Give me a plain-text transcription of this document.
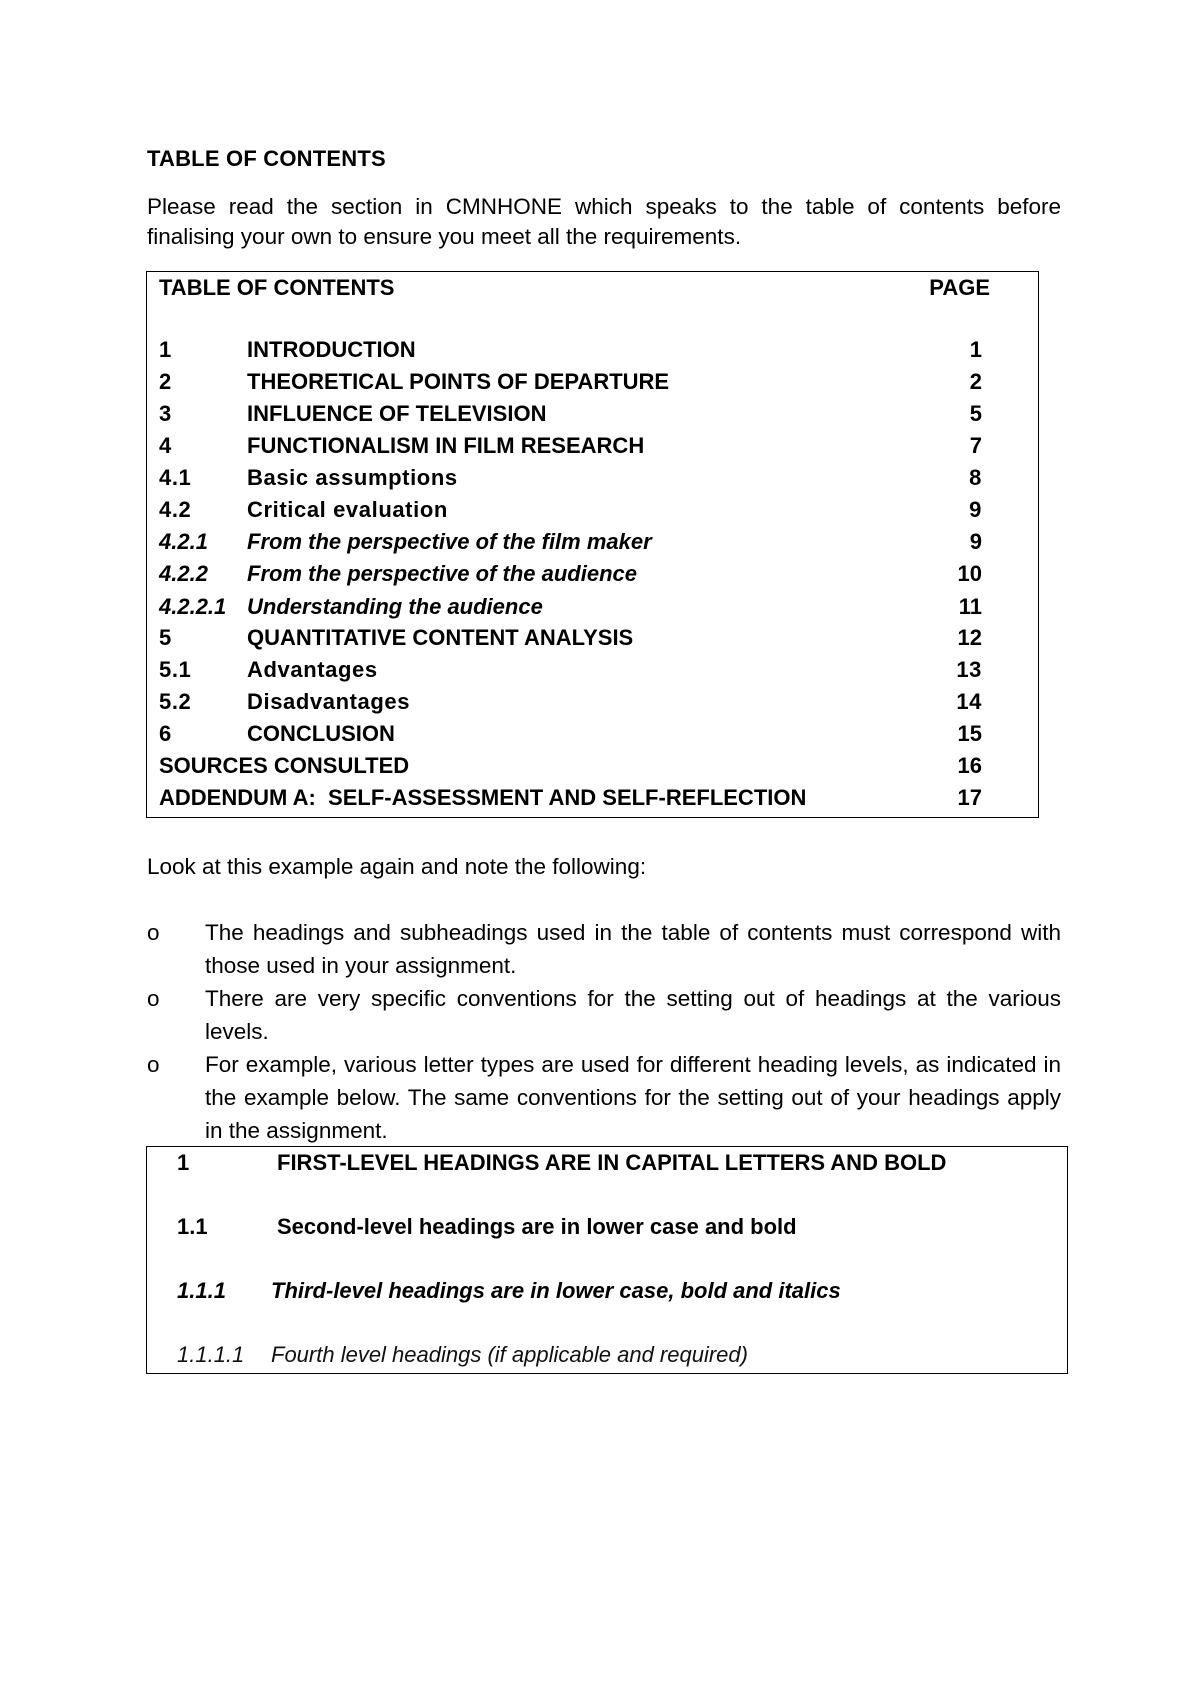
TABLE OF CONTENTS
Please read the section in CMNHONE which speaks to the table of contents before finalising your own to ensure you meet all the requirements.
TABLE OF CONTENTS	PAGE
1	INTRODUCTION	1
2	THEORETICAL POINTS OF DEPARTURE	2
3	INFLUENCE OF TELEVISION	5
4	FUNCTIONALISM IN FILM RESEARCH	7
4.1	Basic assumptions	8
4.2	Critical evaluation	9
4.2.1 From the perspective of the film maker	9
4.2.2 From the perspective of the audience	10
4.2.2.1 Understanding the audience	11
5	QUANTITATIVE CONTENT ANALYSIS	12
5.1	Advantages	13
5.2	Disadvantages	14
6	CONCLUSION	15
SOURCES CONSULTED	16
ADDENDUM A:  SELF-ASSESSMENT AND SELF-REFLECTION	17
Look at this example again and note the following:
o The headings and subheadings used in the table of contents must correspond with those used in your assignment.
o There are very specific conventions for the setting out of headings at the various levels.
o For example, various letter types are used for different heading levels, as indicated in the example below. The same conventions for the setting out of your headings apply in the assignment.
1	FIRST-LEVEL HEADINGS ARE IN CAPITAL LETTERS AND BOLD
1.1	Second-level headings are in lower case and bold
1.1.1 Third-level headings are in lower case, bold and italics
1.1.1.1 Fourth level headings (if applicable and required)
